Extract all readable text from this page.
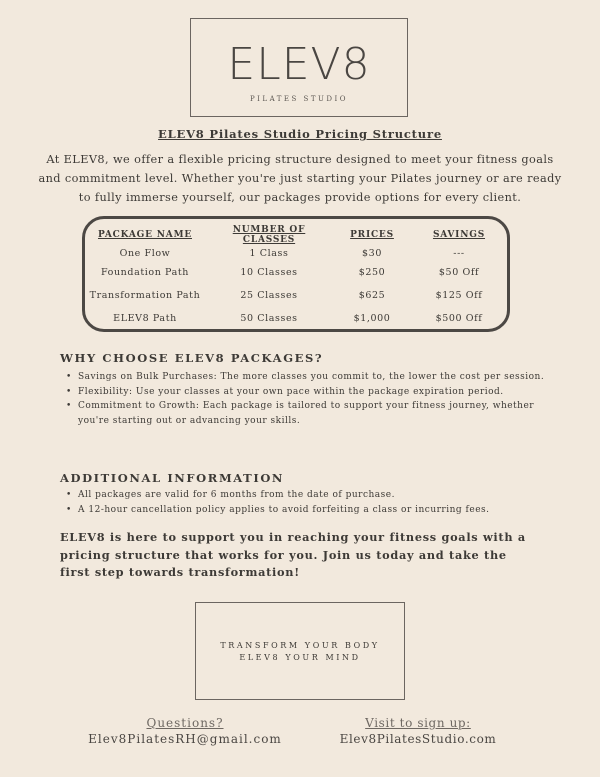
ELEV8
PILATES STUDIO
ELEV8 Pilates Studio Pricing Structure
At ELEV8, we offer a flexible pricing structure designed to meet your fitness goals and commitment level. Whether you're just starting your Pilates journey or are ready to fully immerse yourself, our packages provide options for every client.
PACKAGE NAME	NUMBER OF CLASSES	PRICES	SAVINGS
One Flow	1 Class	$30	---
Foundation Path	10 Classes	$250	$50 Off
Transformation Path	25 Classes	$625	$125 Off
ELEV8 Path	50 Classes	$1,000	$500 Off
WHY CHOOSE ELEV8 PACKAGES?
• Savings on Bulk Purchases: The more classes you commit to, the lower the cost per session.
• Flexibility: Use your classes at your own pace within the package expiration period.
• Commitment to Growth: Each package is tailored to support your fitness journey, whether you're starting out or advancing your skills.
ADDITIONAL INFORMATION
• All packages are valid for 6 months from the date of purchase.
• A 12-hour cancellation policy applies to avoid forfeiting a class or incurring fees.
ELEV8 is here to support you in reaching your fitness goals with a pricing structure that works for you. Join us today and take the first step towards transformation!
TRANSFORM YOUR BODY
ELEV8 YOUR MIND
Questions?
Elev8PilatesRH@gmail.com
Visit to sign up:
Elev8PilatesStudio.com
